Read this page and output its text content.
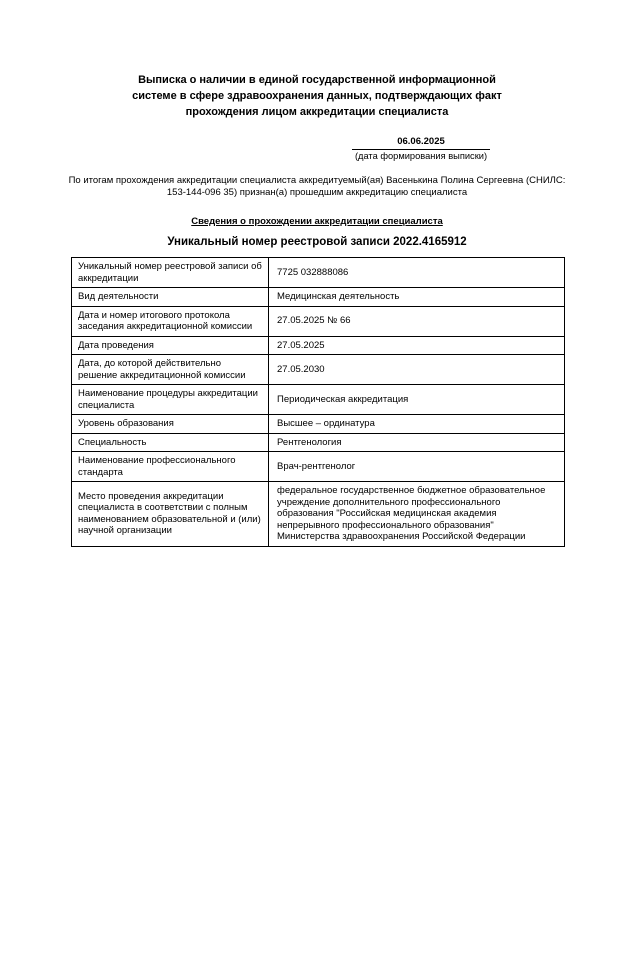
Выписка о наличии в единой государственной информационной
системе в сфере здравоохранения данных, подтверждающих факт
прохождения лицом аккредитации специалиста
06.06.2025
(дата формирования выписки)
По итогам прохождения аккредитации специалиста аккредитуемый(ая) Васенькина Полина Сергеевна (СНИЛС: 153-144-096 35) признан(а) прошедшим аккредитацию специалиста
Сведения о прохождении аккредитации специалиста
Уникальный номер реестровой записи 2022.4165912
Уникальный номер реестровой записи об аккредитации	7725 032888086
Вид деятельности	Медицинская деятельность
Дата и номер итогового протокола заседания аккредитационной комиссии	27.05.2025 № 66
Дата проведения	27.05.2025
Дата, до которой действительно решение аккредитационной комиссии	27.05.2030
Наименование процедуры аккредитации специалиста	Периодическая аккредитация
Уровень образования	Высшее – ординатура
Специальность	Рентгенология
Наименование профессионального стандарта	Врач-рентгенолог
Место проведения аккредитации специалиста в соответствии с полным наименованием образовательной и (или) научной организации	федеральное государственное бюджетное образовательное учреждение дополнительного профессионального образования "Российская медицинская академия непрерывного профессионального образования" Министерства здравоохранения Российской Федерации
